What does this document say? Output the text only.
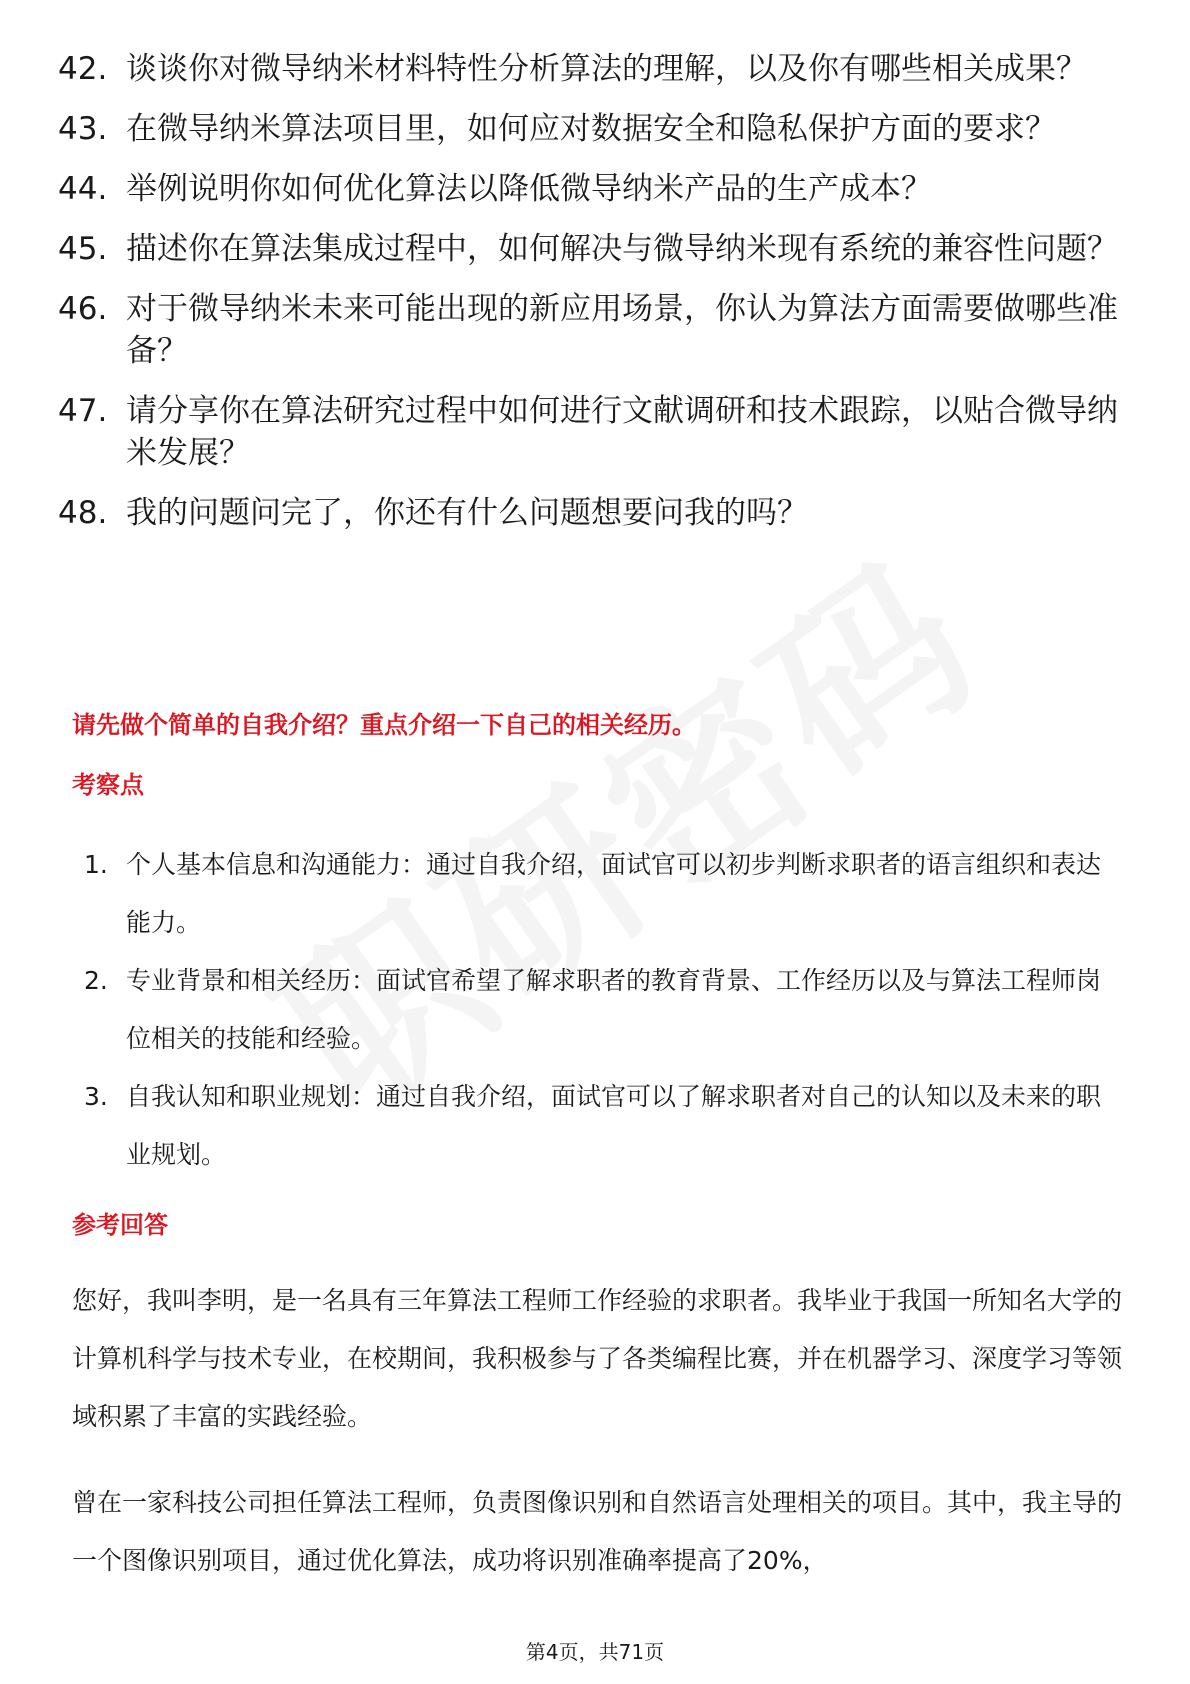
42. 谈谈你对微导纳米材料特性分析算法的理解，以及你有哪些相关成果？
43. 在微导纳米算法项目里，如何应对数据安全和隐私保护方面的要求？
44. 举例说明你如何优化算法以降低微导纳米产品的生产成本？
45. 描述你在算法集成过程中，如何解决与微导纳米现有系统的兼容性问题？
46. 对于微导纳米未来可能出现的新应用场景，你认为算法方面需要做哪些准备？
47. 请分享你在算法研究过程中如何进行文献调研和技术跟踪，以贴合微导纳米发展？
48. 我的问题问完了，你还有什么问题想要问我的吗？
请先做个简单的自我介绍？重点介绍一下自己的相关经历。
考察点
1. 个人基本信息和沟通能力：通过自我介绍，面试官可以初步判断求职者的语言组织和表达能力。
2. 专业背景和相关经历：面试官希望了解求职者的教育背景、工作经历以及与算法工程师岗位相关的技能和经验。
3. 自我认知和职业规划：通过自我介绍，面试官可以了解求职者对自己的认知以及未来的职业规划。
参考回答

您好，我叫李明，是一名具有三年算法工程师工作经验的求职者。我毕业于我国一所知名大学的计算机科学与技术专业，在校期间，我积极参与了各类编程比赛，并在机器学习、深度学习等领域积累了丰富的实践经验。

曾在一家科技公司担任算法工程师，负责图像识别和自然语言处理相关的项目。其中，我主导的一个图像识别项目，通过优化算法，成功将识别准确率提高了20%，

第4页，共71页
